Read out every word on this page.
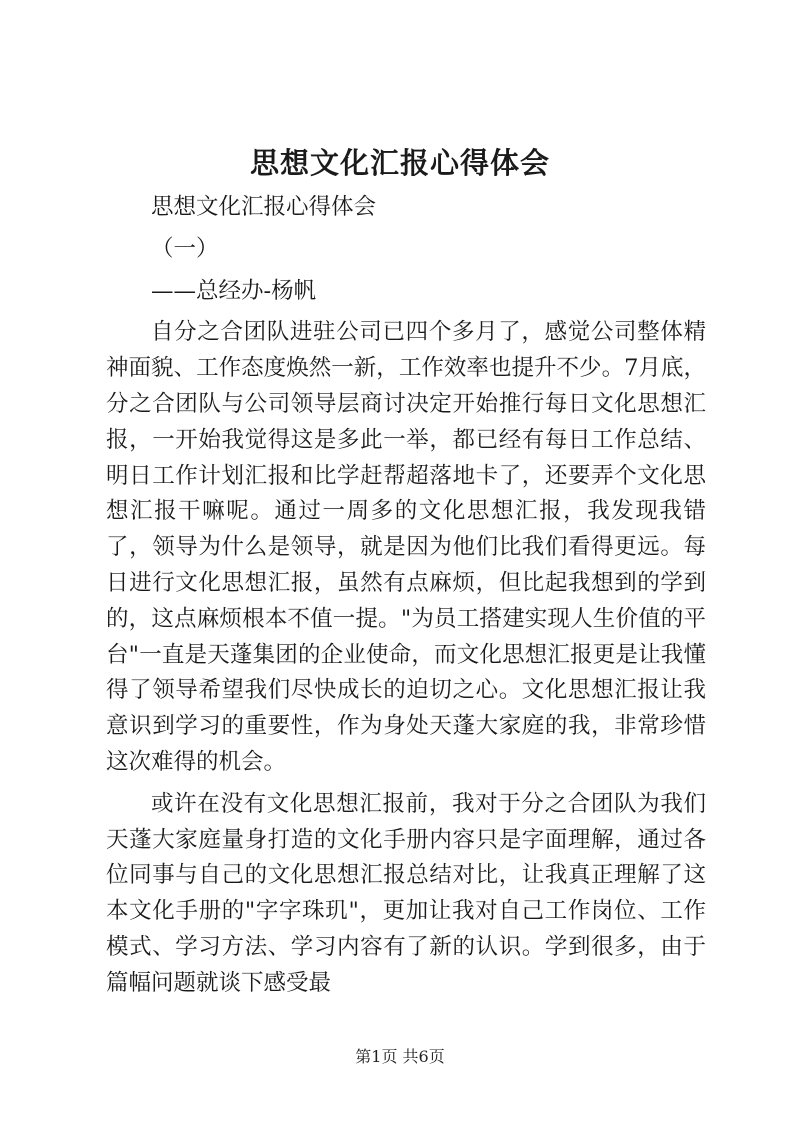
思想文化汇报心得体会

思想文化汇报心得体会

（一）

——总经办-杨帆

自分之合团队进驻公司已四个多月了，感觉公司整体精神面貌、工作态度焕然一新，工作效率也提升不少。7月底，分之合团队与公司领导层商讨决定开始推行每日文化思想汇报，一开始我觉得这是多此一举，都已经有每日工作总结、明日工作计划汇报和比学赶帮超落地卡了，还要弄个文化思想汇报干嘛呢。通过一周多的文化思想汇报，我发现我错了，领导为什么是领导，就是因为他们比我们看得更远。每日进行文化思想汇报，虽然有点麻烦，但比起我想到的学到的，这点麻烦根本不值一提。"为员工搭建实现人生价值的平台"一直是天蓬集团的企业使命，而文化思想汇报更是让我懂得了领导希望我们尽快成长的迫切之心。文化思想汇报让我意识到学习的重要性，作为身处天蓬大家庭的我，非常珍惜这次难得的机会。

或许在没有文化思想汇报前，我对于分之合团队为我们天蓬大家庭量身打造的文化手册内容只是字面理解，通过各位同事与自己的文化思想汇报总结对比，让我真正理解了这本文化手册的"字字珠玑"，更加让我对自己工作岗位、工作模式、学习方法、学习内容有了新的认识。学到很多，由于篇幅问题就谈下感受最

第1页 共6页
